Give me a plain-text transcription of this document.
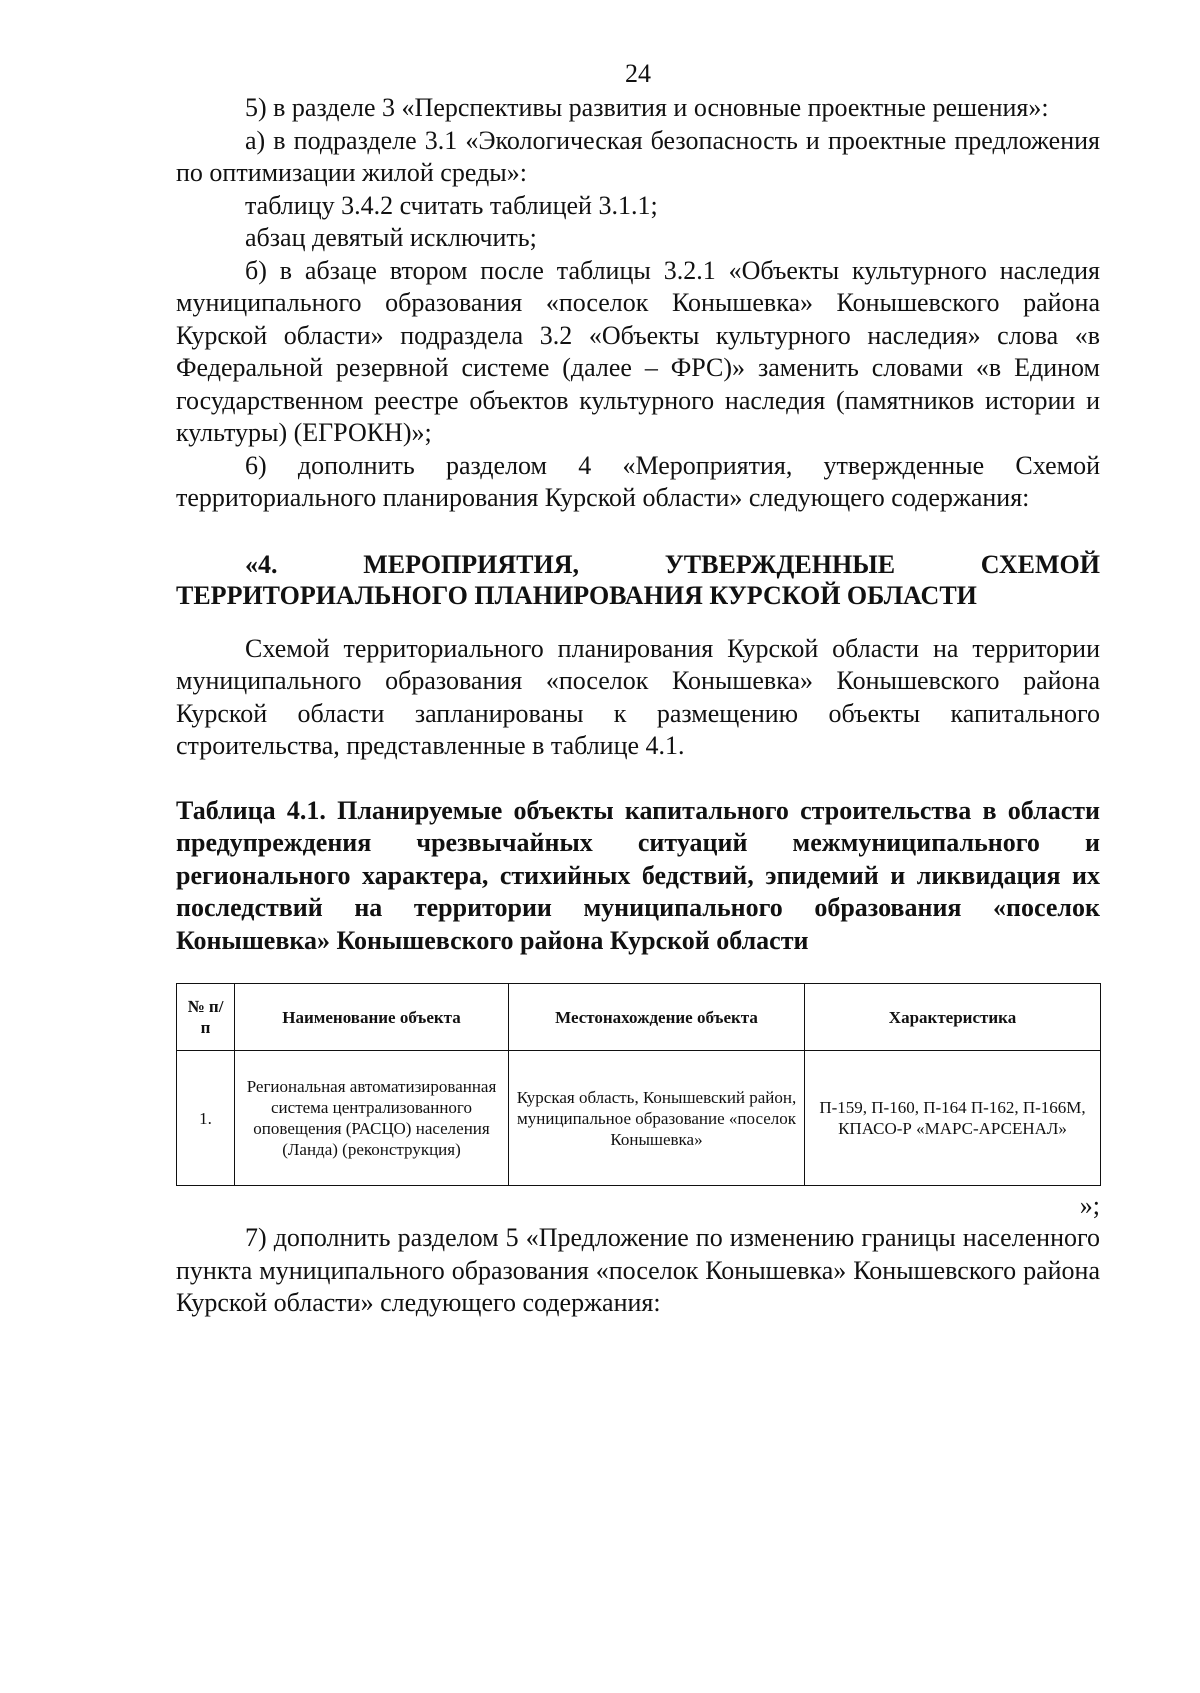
24

5) в разделе 3 «Перспективы развития и основные проектные решения»:

а) в подразделе 3.1 «Экологическая безопасность и проектные предложения по оптимизации жилой среды»:

таблицу 3.4.2 считать таблицей 3.1.1;

абзац девятый исключить;

б) в абзаце втором после таблицы 3.2.1 «Объекты культурного наследия муниципального образования «поселок Конышевка» Конышевского района Курской области» подраздела 3.2 «Объекты культурного наследия» слова «в Федеральной резервной системе (далее – ФРС)» заменить словами «в Едином государственном реестре объектов культурного наследия (памятников истории и культуры) (ЕГРОКН)»;

6) дополнить разделом 4 «Мероприятия, утвержденные Схемой территориального планирования Курской области» следующего содержания:

«4. МЕРОПРИЯТИЯ, УТВЕРЖДЕННЫЕ СХЕМОЙ ТЕРРИТОРИАЛЬНОГО ПЛАНИРОВАНИЯ КУРСКОЙ ОБЛАСТИ

Схемой территориального планирования Курской области на территории муниципального образования «поселок Конышевка» Конышевского района Курской области запланированы к размещению объекты капитального строительства, представленные в таблице 4.1.

Таблица 4.1. Планируемые объекты капитального строительства в области предупреждения чрезвычайных ситуаций межмуниципального и регионального характера, стихийных бедствий, эпидемий и ликвидация их последствий на территории муниципального образования «поселок Конышевка» Конышевского района Курской области
№ п/п	Наименование объекта	Местонахождение объекта	Характеристика
1.	Региональная автоматизированная система централизованного оповещения (РАСЦО) населения (Ланда) (реконструкция)	Курская область, Конышевский район, муниципальное образование «поселок Конышевка»	П-159, П-160, П-164 П-162, П-166М, КПАСО-Р «МАРС-АРСЕНАЛ»
»;

7) дополнить разделом 5 «Предложение по изменению границы населенного пункта муниципального образования «поселок Конышевка» Конышевского района Курской области» следующего содержания:
